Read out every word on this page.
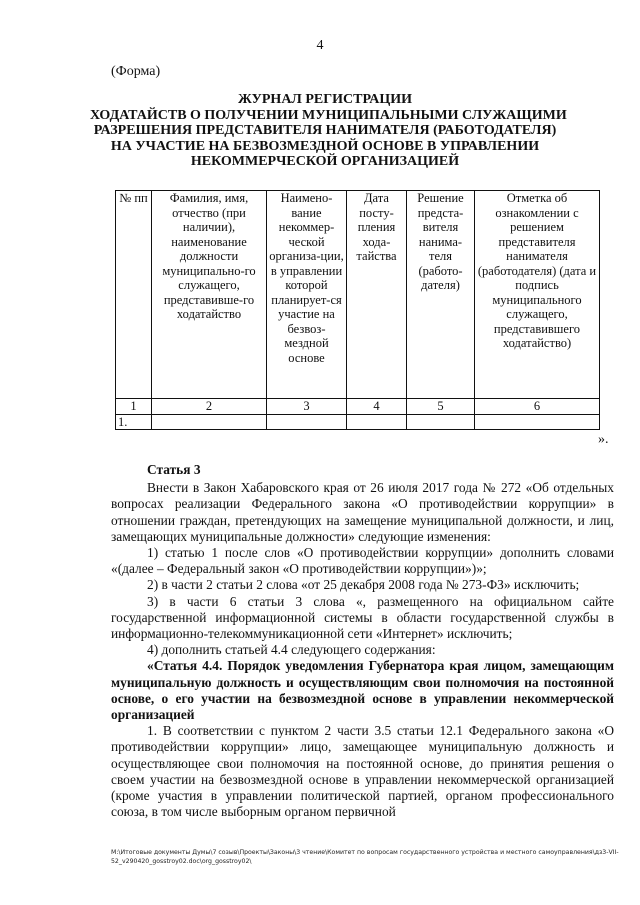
4
(Форма)
ЖУРНАЛ РЕГИСТРАЦИИ
ХОДАТАЙСТВ О ПОЛУЧЕНИИ МУНИЦИПАЛЬНЫМИ СЛУЖАЩИМИ
РАЗРЕШЕНИЯ ПРЕДСТАВИТЕЛЯ НАНИМАТЕЛЯ (РАБОТОДАТЕЛЯ)
НА УЧАСТИЕ НА БЕЗВОЗМЕЗДНОЙ ОСНОВЕ В УПРАВЛЕНИИ
НЕКОММЕРЧЕСКОЙ ОРГАНИЗАЦИЕЙ
№ пп	Фамилия, имя, отчество (при наличии), наименование должности муниципально-го служащего, представивше-го ходатайство	Наимено-вание некоммер-ческой организа-ции, в управлении которой планирует-ся участие на безвоз-мездной основе	Дата посту-пления хода-тайства	Решение предста-вителя нанима-теля (работо-дателя)	Отметка об ознакомлении с решением представителя нанимателя (работодателя) (дата и подпись муниципального служащего, представившего ходатайство)
1	2	3	4	5	6
1.					
».

Статья 3

Внести в Закон Хабаровского края от 26 июля 2017 года № 272 «Об отдельных вопросах реализации Федерального закона «О противодействии коррупции» в отношении граждан, претендующих на замещение муниципальной должности, и лиц, замещающих муниципальные должности» следующие изменения:

1) статью 1 после слов «О противодействии коррупции» дополнить словами «(далее – Федеральный закон «О противодействии коррупции»)»;

2) в части 2 статьи 2 слова «от 25 декабря 2008 года № 273-ФЗ» исключить;

3) в части 6 статьи 3 слова «, размещенного на официальном сайте государственной информационной системы в области государственной службы в информационно-телекоммуникационной сети «Интернет» исключить;

4) дополнить статьей 4.4 следующего содержания:

«Статья 4.4. Порядок уведомления Губернатора края лицом, замещающим муниципальную должность и осуществляющим свои полномочия на постоянной основе, о его участии на безвозмездной основе в управлении некоммерческой организацией

1. В соответствии с пунктом 2 части 3.5 статьи 12.1 Федерального закона «О противодействии коррупции» лицо, замещающее муниципальную должность и осуществляющее свои полномочия на постоянной основе, до принятия решения о своем участии на безвозмездной основе в управлении некоммерческой организацией (кроме участия в управлении политической партией, органом профессионального союза, в том числе выборным органом первичной

M:\Итоговые документы Думы\7 созыв\Проекты\Законы\3 чтение\Комитет по вопросам государственного устройства и местного самоуправления\дз3-VII-52_v290420_gosstroy02.doc\org_gosstroy02\
